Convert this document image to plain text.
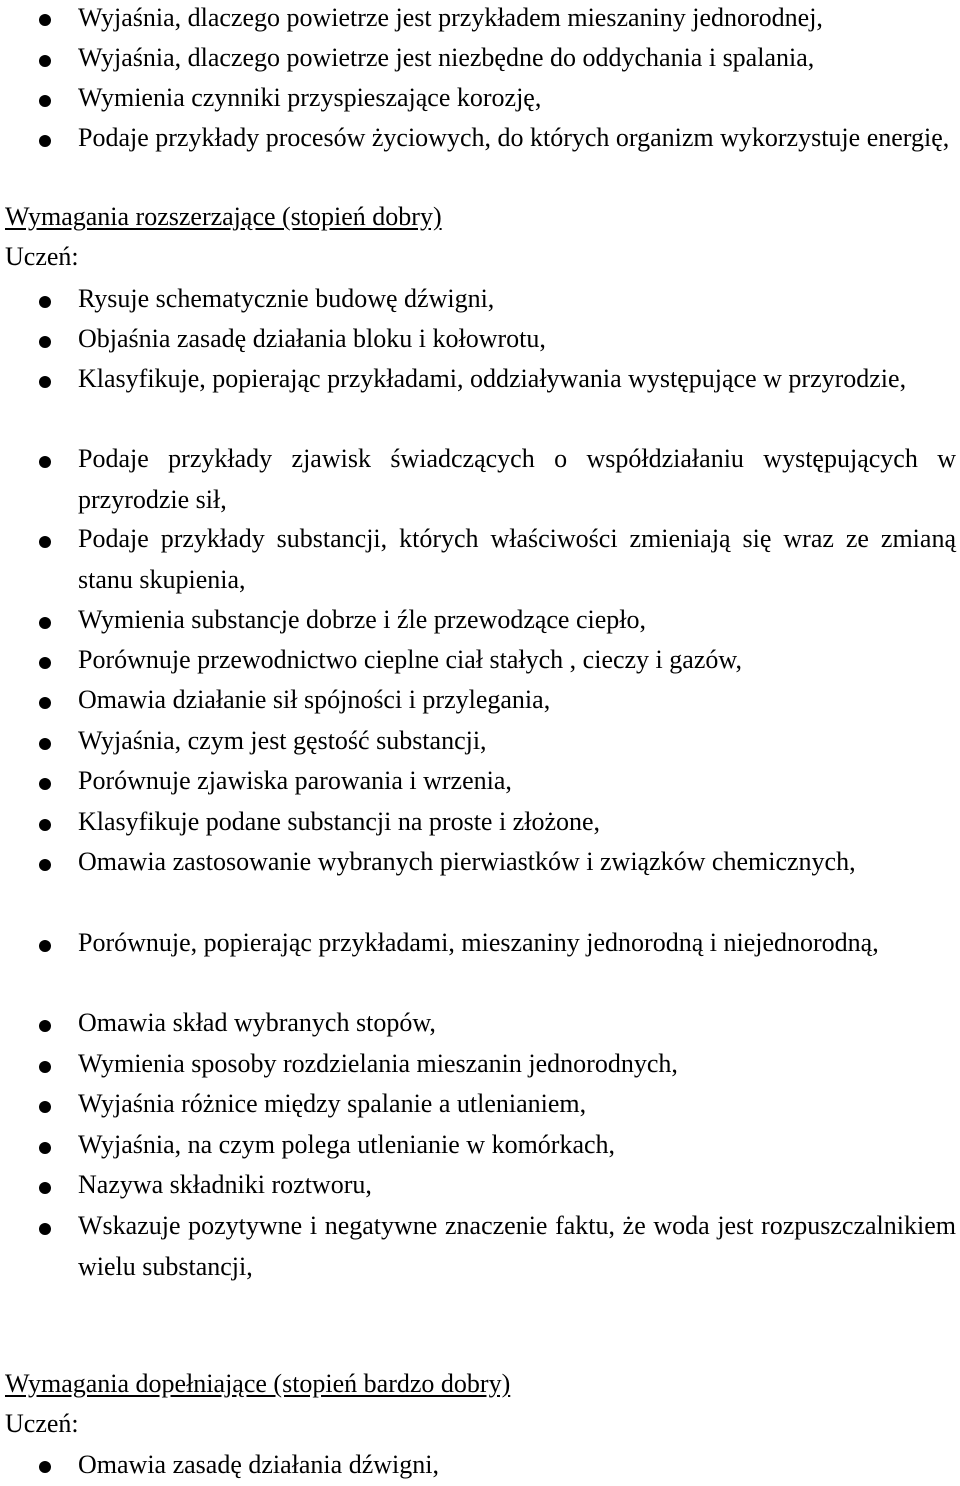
Wyjaśnia, dlaczego powietrze jest przykładem mieszaniny jednorodnej,
Wyjaśnia, dlaczego powietrze jest niezbędne do oddychania i spalania,
Wymienia czynniki przyspieszające korozję,
Podaje przykłady procesów życiowych, do których organizm wykorzystuje energię,
Wymagania rozszerzające (stopień dobry)
Uczeń:
Rysuje schematycznie budowę dźwigni,
Objaśnia zasadę działania bloku i kołowrotu,
Klasyfikuje, popierając przykładami, oddziaływania występujące w przyrodzie,
Podaje przykłady zjawisk świadczących o współdziałaniu występujących w przyrodzie sił,
Podaje przykłady substancji, których właściwości zmieniają się wraz ze zmianą stanu skupienia,
Wymienia substancje dobrze i źle przewodzące ciepło,
Porównuje przewodnictwo cieplne ciał stałych , cieczy i gazów,
Omawia działanie sił spójności i przylegania,
Wyjaśnia, czym jest gęstość substancji,
Porównuje zjawiska parowania i wrzenia,
Klasyfikuje podane substancji na proste i złożone,
Omawia zastosowanie wybranych pierwiastków i związków chemicznych,
Porównuje, popierając przykładami, mieszaniny jednorodną i niejednorodną,
Omawia skład wybranych stopów,
Wymienia sposoby rozdzielania mieszanin jednorodnych,
Wyjaśnia różnice między spalanie a utlenianiem,
Wyjaśnia, na czym polega utlenianie w komórkach,
Nazywa składniki roztworu,
Wskazuje pozytywne i negatywne znaczenie faktu, że woda jest rozpuszczalnikiem wielu substancji,
Wymagania dopełniające (stopień bardzo dobry)
Uczeń:
Omawia zasadę działania dźwigni,
